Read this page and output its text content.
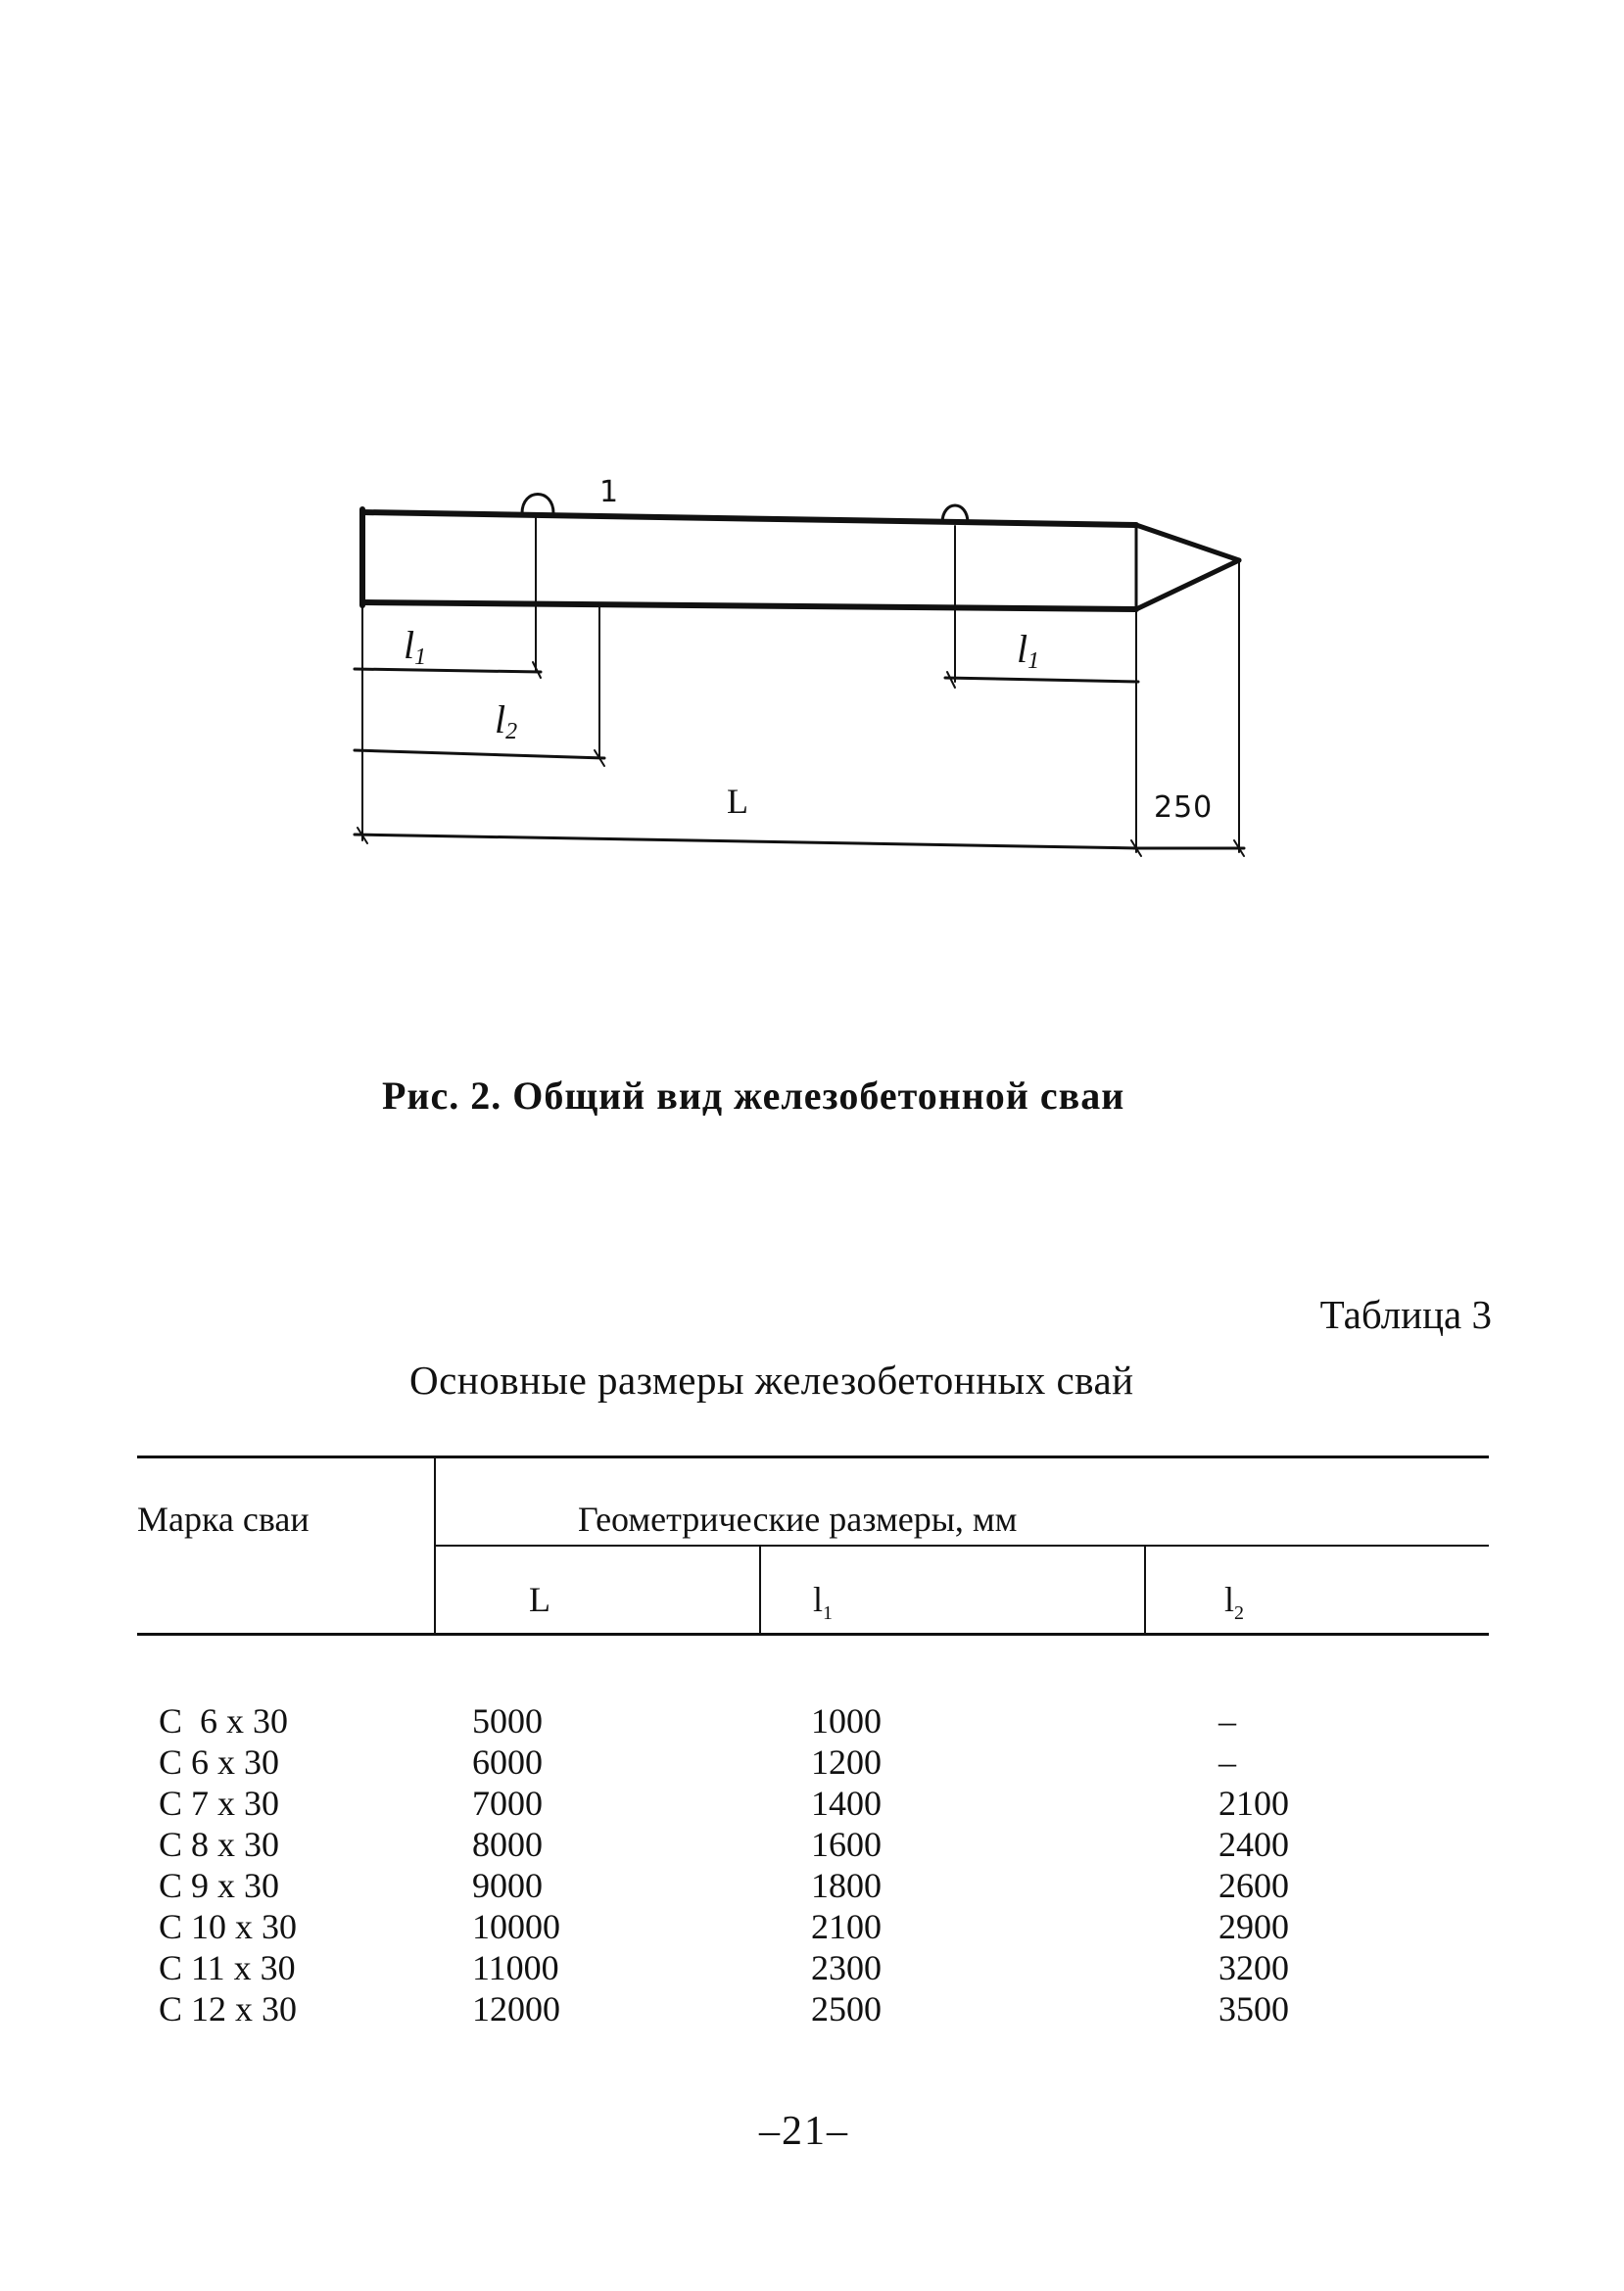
l1
l2
l1
L	250
1
Рис. 2. Общий вид железобетонной сваи
Таблица 3
Основные размеры железобетонных свай
Марка сваи	Геометрические размеры, мм
L	$l_1$	$l_2$
С  6 х 30	5000	1000	–
С 6 х 30	6000	1200	–
С 7 х 30	7000	1400	2100
С 8 х 30	8000	1600	2400
С 9 х 30	9000	1800	2600
С 10 х 30	10000	2100	2900
С 11 х 30	11000	2300	3200
С 12 х 30	12000	2500	3500
–21–
